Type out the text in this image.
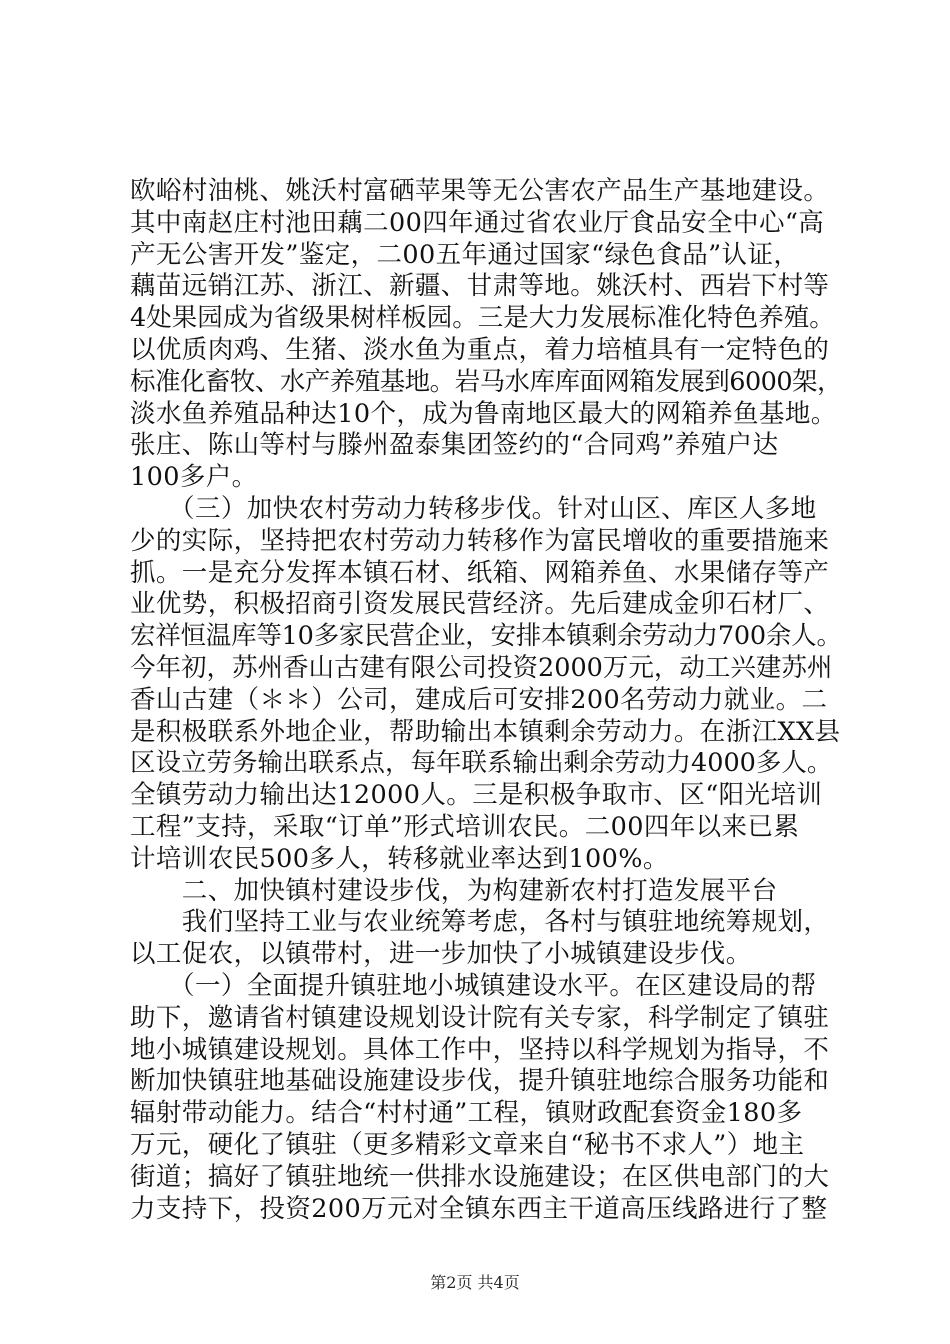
欧峪村油桃、姚沃村富硒苹果等无公害农产品生产基地建设。
其中南赵庄村池田藕二00四年通过省农业厅食品安全中心“高
产无公害开发”鉴定，二00五年通过国家“绿色食品”认证，
藕苗远销江苏、浙江、新疆、甘肃等地。姚沃村、西岩下村等
4处果园成为省级果树样板园。三是大力发展标准化特色养殖。
以优质肉鸡、生猪、淡水鱼为重点，着力培植具有一定特色的
标准化畜牧、水产养殖基地。岩马水库库面网箱发展到6000架，
淡水鱼养殖品种达10个，成为鲁南地区最大的网箱养鱼基地。
张庄、陈山等村与滕州盈泰集团签约的“合同鸡”养殖户达
100多户。
　　（三）加快农村劳动力转移步伐。针对山区、库区人多地
少的实际，坚持把农村劳动力转移作为富民增收的重要措施来
抓。一是充分发挥本镇石材、纸箱、网箱养鱼、水果储存等产
业优势，积极招商引资发展民营经济。先后建成金卯石材厂、
宏祥恒温库等10多家民营企业，安排本镇剩余劳动力700余人。
今年初，苏州香山古建有限公司投资2000万元，动工兴建苏州
香山古建（＊＊）公司，建成后可安排200名劳动力就业。二
是积极联系外地企业，帮助输出本镇剩余劳动力。在浙江XX县
区设立劳务输出联系点，每年联系输出剩余劳动力4000多人。
全镇劳动力输出达12000人。三是积极争取市、区“阳光培训
工程”支持，采取“订单”形式培训农民。二00四年以来已累
计培训农民500多人，转移就业率达到100%。
　　二、加快镇村建设步伐，为构建新农村打造发展平台
　　我们坚持工业与农业统筹考虑，各村与镇驻地统筹规划，
以工促农，以镇带村，进一步加快了小城镇建设步伐。
　　（一）全面提升镇驻地小城镇建设水平。在区建设局的帮
助下，邀请省村镇建设规划设计院有关专家，科学制定了镇驻
地小城镇建设规划。具体工作中，坚持以科学规划为指导，不
断加快镇驻地基础设施建设步伐，提升镇驻地综合服务功能和
辐射带动能力。结合“村村通”工程，镇财政配套资金180多
万元，硬化了镇驻（更多精彩文章来自“秘书不求人”）地主
街道；搞好了镇驻地统一供排水设施建设；在区供电部门的大
力支持下，投资200万元对全镇东西主干道高压线路进行了整
第2页 共4页
